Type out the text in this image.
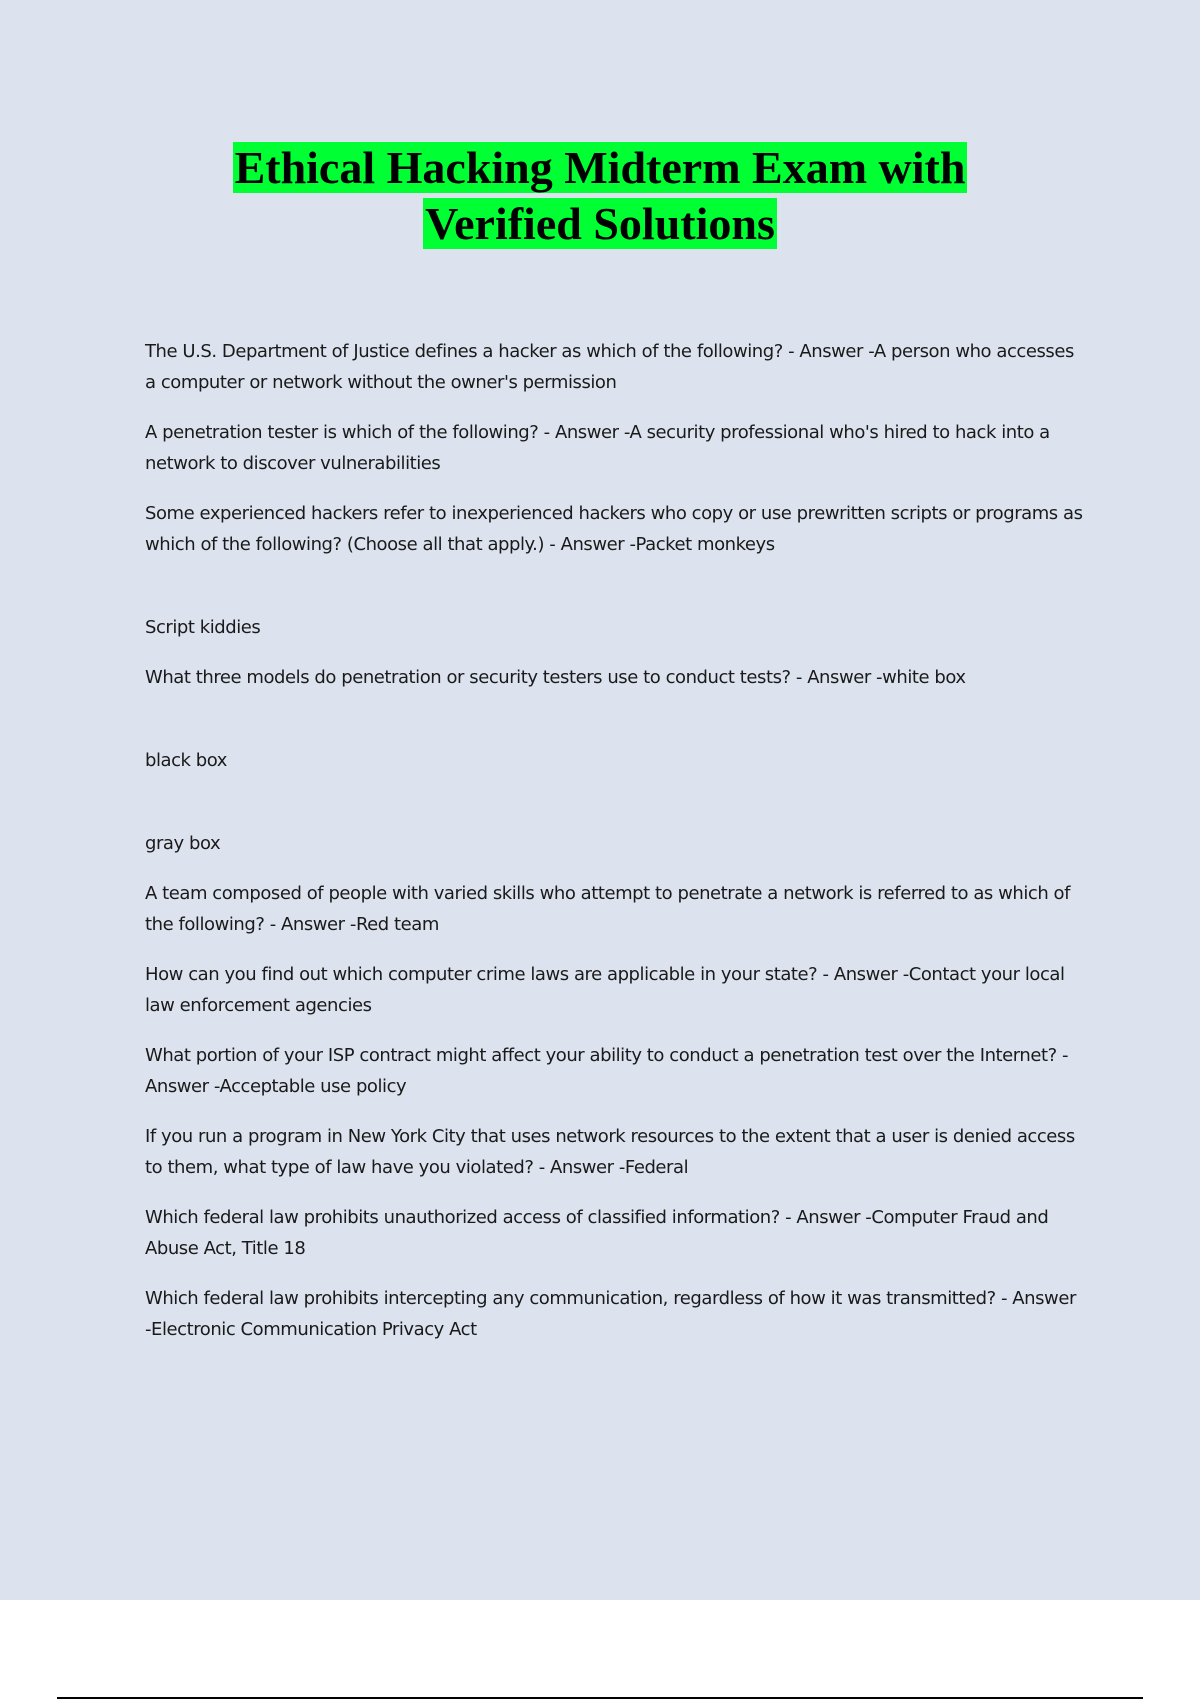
Ethical Hacking Midterm Exam with
Verified Solutions

The U.S. Department of Justice defines a hacker as which of the following? - Answer -A person who accesses a computer or network without the owner's permission

A penetration tester is which of the following? - Answer -A security professional who's hired to hack into a network to discover vulnerabilities

Some experienced hackers refer to inexperienced hackers who copy or use prewritten scripts or programs as which of the following? (Choose all that apply.) - Answer -Packet monkeys

Script kiddies

What three models do penetration or security testers use to conduct tests? - Answer -white box

black box

gray box

A team composed of people with varied skills who attempt to penetrate a network is referred to as which of the following? - Answer -Red team

How can you find out which computer crime laws are applicable in your state? - Answer -Contact your local law enforcement agencies

What portion of your ISP contract might affect your ability to conduct a penetration test over the Internet? - Answer -Acceptable use policy

If you run a program in New York City that uses network resources to the extent that a user is denied access to them, what type of law have you violated? - Answer -Federal

Which federal law prohibits unauthorized access of classified information? - Answer -Computer Fraud and Abuse Act, Title 18

Which federal law prohibits intercepting any communication, regardless of how it was transmitted? - Answer -Electronic Communication Privacy Act
